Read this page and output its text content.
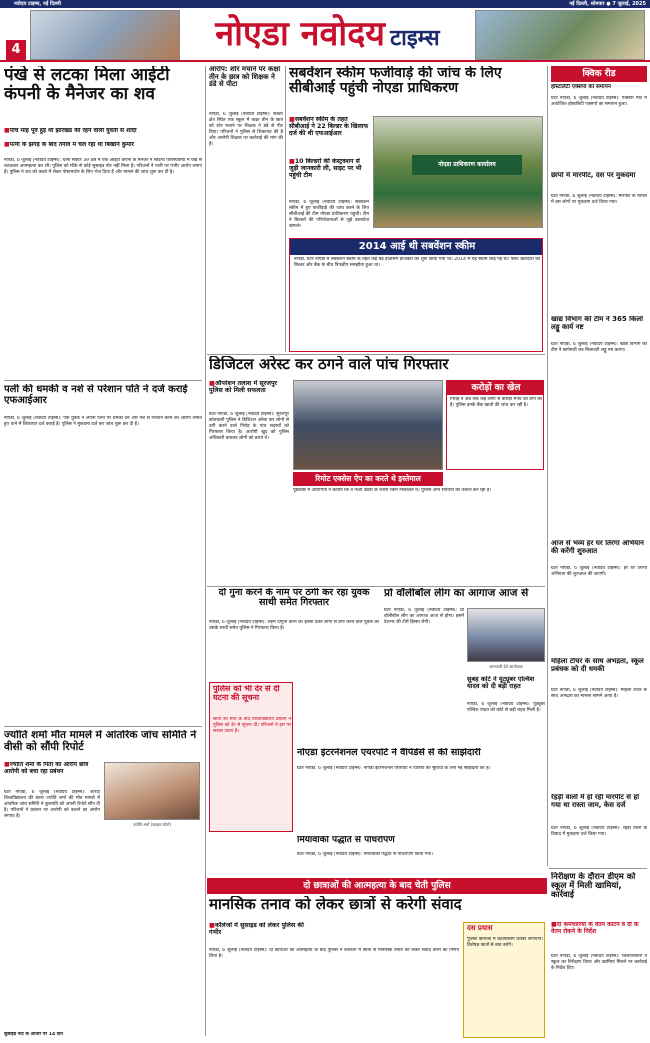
नवोदय टाइम्स, नई दिल्ली	नई दिल्ली, सोमवार ● 7 जुलाई, 2025
4	नोएडा नवोदय टाइम्स
पंखे से लटका मिला आईटी कंपनी के मैनेजर का शव
■ पांच माह पूर्व हुई थी झारखंड की रहने वाली युवती से शादी
■ पत्नी के झगड़े के बाद तनाव में चल रहा था बिखान कुमार
नोएडा, 6 जुलाई (नवोदय टाइम्स): थाना सेक्टर 39 क्षेत्र में एक आईटी कंपनी के मैनेजर ने संदिग्ध परिस्थितियों में पंखे से लटककर आत्महत्या कर ली। पुलिस को मौके से कोई सुसाइड नोट नहीं मिला है। परिजनों ने पत्नी पर गंभीर आरोप लगाए हैं। पुलिस ने शव को कब्जे में लेकर पोस्टमार्टम के लिए भेज दिया है और मामले की जांच शुरू कर दी है।
पली की धमकी व नशे से परेशान पति ने दर्ज कराई एफआईआर
नोएडा, 6 जुलाई (नवोदय टाइम्स): एक युवक ने अपनी पत्नी पर धमकी देने और नशे से परेशान करने का आरोप लगाते हुए थाने में शिकायत दर्ज कराई है। पुलिस ने मुकदमा दर्ज कर जांच शुरू कर दी है।
ज्योति शर्मा मौत मामले में आंतरिक जांच समिति ने वीसी को सौंपी रिपोर्ट
■ ज्योति शर्मा के पिता का आरोप छात्र आरोपी को बचा रहा प्रबंधन
ग्रेटर नोएडा, 6 जुलाई (नवोदय टाइम्स): शारदा विश्वविद्यालय की छात्रा ज्योति शर्मा की मौत मामले में आंतरिक जांच समिति ने कुलपति को अपनी रिपोर्ट सौंप दी है। परिजनों ने प्रबंधन पर आरोपी को बचाने का आरोप लगाया है।
ज्योति शर्मा (फाइल फोटो)
सुसाइड नोट के आधार पर 14 दिन
आरोप: शोर मचाने पर कक्षा तीन के छात्र को शिक्षक ने डंडे से पीटा
नोएडा, 6 जुलाई (नवोदय टाइम्स): सेक्टर क्षेत्र स्थित एक स्कूल में कक्षा तीन के छात्र को शोर मचाने पर शिक्षक ने डंडे से पीट दिया। परिजनों ने पुलिस से शिकायत की है और आरोपी शिक्षक पर कार्रवाई की मांग की है।
सबवेंशन स्कीम फर्जीवाड़े की जांच के लिए सीबीआई पहुंची नोएडा प्राधिकरण
■ सबवेंशन स्कीम के तहत सीबीआई ने 22 बिल्डर के खिलाफ दर्ज की थी एफआईआर
■ 10 बिल्डरों की कंस्ट्रक्शन से जुड़ी जानकारी ली, साइट पर भी पहुंची टीम
नोएडा, 6 जुलाई (नवोदय टाइम्स): सबवेंशन स्कीम में हुए फर्जीवाड़े की जांच करने के लिए सीबीआई की टीम नोएडा प्राधिकरण पहुंची। टीम ने बिल्डरों की परियोजनाओं से जुड़े दस्तावेज खंगाले।
नोएडा प्राधिकरण कार्यालय
2014 आई थी सबवेंशन स्कीम
नोएडा, ग्रेटर नोएडा में सबवेंशन स्कीम के तहत कई बड़े हाउसिंग प्रोजेक्टों को शुरू किया गया था। 2014 में यह स्कीम लाई गई थी। फ्लैट खरीदारों को बिल्डर और बैंक के बीच त्रिपक्षीय समझौता हुआ था।
डिजिटल अरेस्ट कर ठगने वाले पांच गिरफ्तार
■ ऑपरेशन तलाश में सूरजपुर पुलिस को मिली सफलता
ग्रेटर नोएडा, 6 जुलाई (नवोदय टाइम्स): सूरजपुर कोतवाली पुलिस ने डिजिटल अरेस्ट कर लोगों से ठगी करने वाले गिरोह के पांच सदस्यों को गिरफ्तार किया है। आरोपी खुद को पुलिस अधिकारी बताकर लोगों को डराते थे।
करोड़ों का खेल
गिरोह ने अब तक कई लोगों से करोड़ों रुपये की ठगी की है। पुलिस इनके बैंक खातों की जांच कर रही है।
रिमोट एक्सेस ऐप का करते थे इस्तेमाल
पूछताछ में आरोपियों ने बताया कि वे फर्जी खातों के जरिये रकम निकालते थे। पुलिस अन्य साथियों की तलाश कर रही है।
दो गुना करने के नाम पर ठगी कर रहा युवक साथी समेत गिरफ्तार
नोएडा, 6 जुलाई (नवोदय टाइम्स): रकम दोगुना करने का झांसा देकर लोगों से ठगी करने वाले युवक को उसके साथी समेत पुलिस ने गिरफ्तार किया है।
पुलिस को भी देर से दी घटना की सूचना
छात्रा की मौत के बाद विश्वविद्यालय प्रबंधन ने पुलिस को देर से सूचना दी। परिजनों ने इस पर सवाल उठाए हैं।
नोएडा इंटरनेशनल एयरपोर्ट ने वैपिडेसे से की साझेदारी
ग्रेटर नोएडा, 6 जुलाई (नवोदय टाइम्स): नोएडा इंटरनेशनल एयरपोर्ट ने यात्रियों की सुविधा के लिए नई साझेदारी की है।
प्रो वॉलीबॉल लीग का आगाज आज से
ग्रेटर नोएडा, 6 जुलाई (नवोदय टाइम्स): प्रो वॉलीबॉल लीग का आगाज आज से होगा। इसमें देशभर की टीमें हिस्सा लेंगी।
जानकारी देते आयोजक
दो छात्राओं की आत्महत्या के बाद चेती पुलिस
मानसिक तनाव को लेकर छात्रों से करेगी संवाद
■ कॉलेजों में सुसाइड को लेकर पुलिस की गंभीर
नोएडा, 6 जुलाई (नवोदय टाइम्स): दो छात्राओं की आत्महत्या के बाद पुलिस ने कॉलेजों में छात्रों से मानसिक तनाव को लेकर संवाद करने का निर्णय लिया है।
दस प्रयास
पुलिस कॉलेजों में काउंसलिंग शिविर लगाएगी। विशेषज्ञ छात्रों से बात करेंगे।
क्विक रीड
होस्टलिटी एक्सपो का समापन
ग्रेटर नोएडा, 6 जुलाई (नवोदय टाइम्स): एक्सपो मार्ट में आयोजित होस्टलिटी एक्सपो का समापन हुआ।
छापों में मारपीट, दस पर मुकदमा
ग्रेटर नोएडा, 6 जुलाई (नवोदय टाइम्स): मारपीट के मामले में दस लोगों पर मुकदमा दर्ज किया गया।
खाद्य विभाग की टीम ने 365 किलो लड्डू कार्य नष्ट
ग्रेटर नोएडा, 6 जुलाई (नवोदय टाइम्स): खाद्य विभाग की टीम ने छापेमारी कर मिलावटी लड्डू नष्ट कराए।
आज से भव्य हर घर तिरंगा अभियान की करेंगी शुरुआत
ग्रेटर नोएडा, 6 जुलाई (नवोदय टाइम्स): हर घर तिरंगा अभियान की शुरुआत की जाएगी।
महिला टीचर के साथ अभद्रता, स्कूल प्रबंधक को दी धमकी
ग्रेटर नोएडा, 6 जुलाई (नवोदय टाइम्स): महिला टीचर के साथ अभद्रता का मामला सामने आया है।
रेहड़ी वालों में हो रही मारपीट से हो गया था रास्ता जाम, केस दर्ज
ग्रेटर नोएडा, 6 जुलाई (नवोदय टाइम्स): रेहड़ी वालों के विवाद में मुकदमा दर्ज किया गया।
निरीक्षण के दौरान डीएम को स्कूल में मिली खामियां, कार्रवाई
■ दो कर्मचारियों के वेतन काटने व दो के वेतन रोकने के निर्देश
ग्रेटर नोएडा, 6 जुलाई (नवोदय टाइम्स): जिलाधिकारी ने स्कूल का निरीक्षण किया और खामियां मिलने पर कार्रवाई के निर्देश दिए।
सुबह कोर्ट ने यूट्यूबर एल्विश यादव को दी बड़ी राहत
नोएडा, 6 जुलाई (नवोदय टाइम्स): यूट्यूबर एल्विश यादव को कोर्ट से बड़ी राहत मिली है।
मियावाकी पद्धति से पौधरोपण
ग्रेटर नोएडा, 6 जुलाई (नवोदय टाइम्स): मियावाकी पद्धति से पौधरोपण किया गया।
